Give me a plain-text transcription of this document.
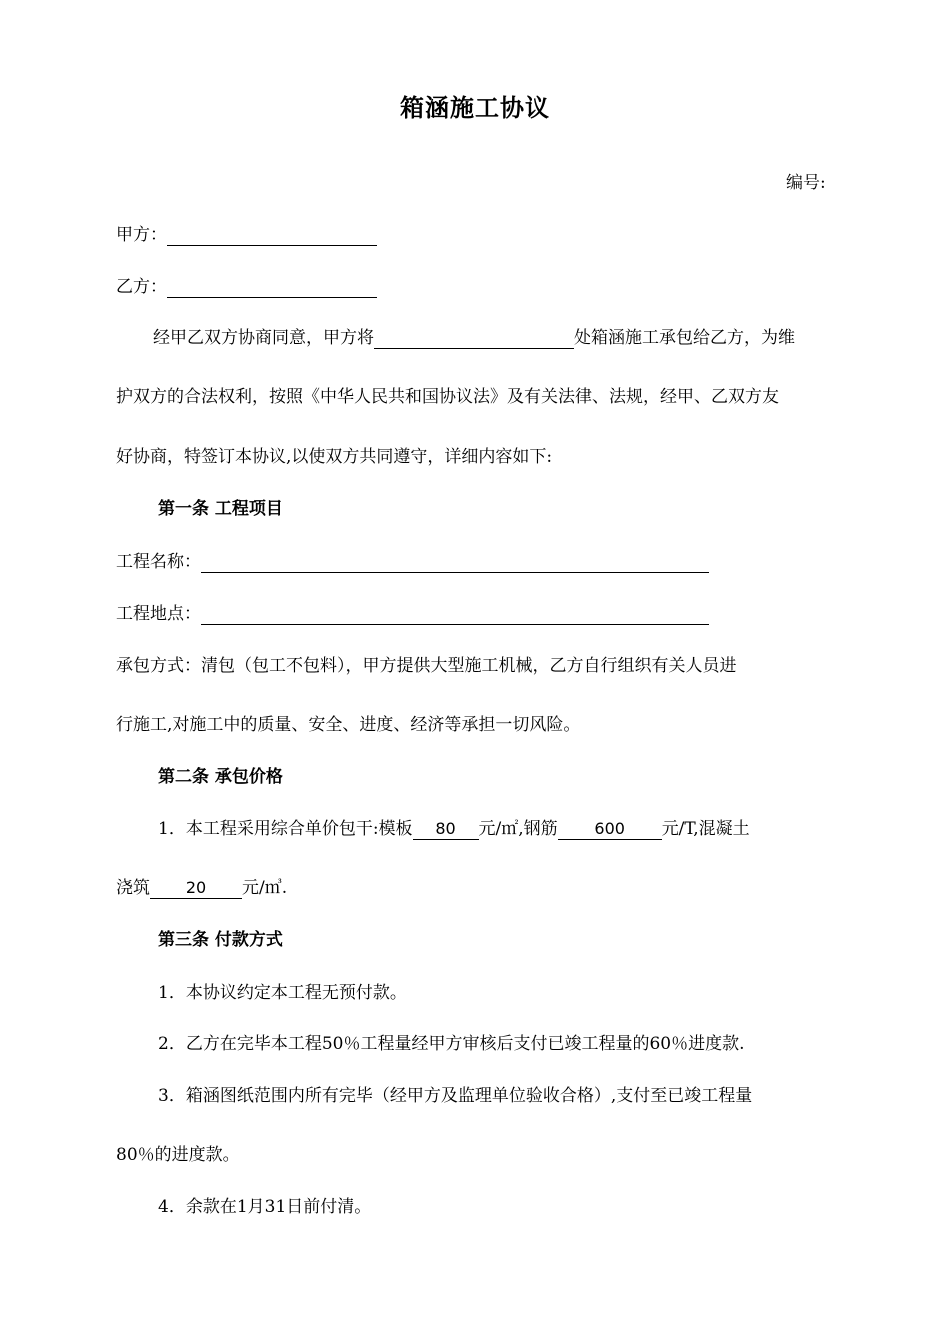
箱涵施工协议
编号:
甲方：
乙方：
经甲乙双方协商同意，甲方将	处箱涵施工承包给乙方，为维
护双方的合法权利，按照《中华人民共和国协议法》及有关法律、法规，经甲、乙双方友
好协商，特签订本协议,以使双方共同遵守，详细内容如下:
第一条 工程项目
工程名称：
工程地点：
承包方式：清包（包工不包料），甲方提供大型施工机械，乙方自行组织有关人员进
行施工,对施工中的质量、安全、进度、经济等承担一切风险。
第二条 承包价格
1．本工程采用综合单价包干:模板 80 元/㎡,钢筋 600 元/T,混凝土
浇筑 20 元/㎥.
第三条 付款方式
1．本协议约定本工程无预付款。
2．乙方在完毕本工程50％工程量经甲方审核后支付已竣工程量的60％进度款.
3．箱涵图纸范围内所有完毕（经甲方及监理单位验收合格）,支付至已竣工程量
80％的进度款。
4．余款在1月31日前付清。
